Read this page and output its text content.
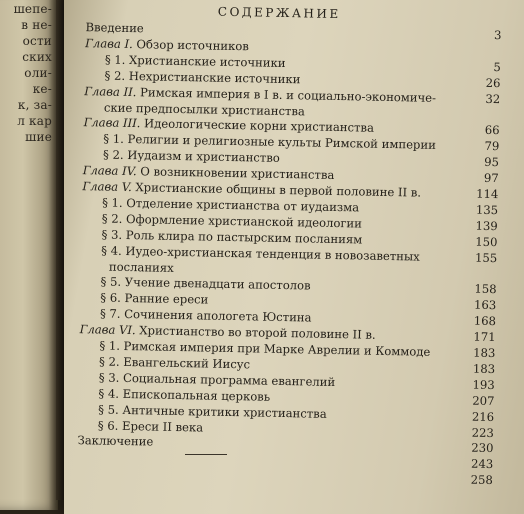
шепе-
в не-
ости
ских
оли-
ке-
к, за-
л кар
шие
СОДЕРЖАНИЕ
Введение	3
Глава I. Обзор источников
§ 1. Христианские источники	5
§ 2. Нехристианские источники	26
Глава II. Римская империя в I в. и социально-экономиче-	32
ские предпосылки христианства
Глава III. Идеологические корни христианства	66
§ 1. Религии и религиозные культы Римской империи	79
§ 2. Иудаизм и христианство	95
Глава IV. О возникновении христианства	97
Глава V. Христианские общины в первой половине II в.	114
§ 1. Отделение христианства от иудаизма	135
§ 2. Оформление христианской идеологии	139
§ 3. Роль клира по пастырским посланиям	150
§ 4. Иудео-христианская тенденция в новозаветных	155
посланиях
§ 5. Учение двенадцати апостолов	158
§ 6. Ранние ереси	163
§ 7. Сочинения апологета Юстина	168
Глава VI. Христианство во второй половине II в.	171
§ 1. Римская империя при Марке Аврелии и Коммоде	183
§ 2. Евангельский Иисус	183
§ 3. Социальная программа евангелий	193
§ 4. Епископальная церковь	207
§ 5. Античные критики христианства	216
§ 6. Ереси II века	223
Заключение	230
243
258
